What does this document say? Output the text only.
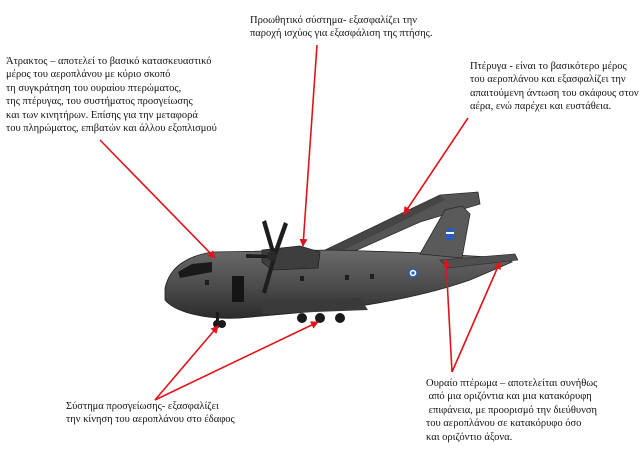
Άτρακτος – αποτελεί το βασικό κατασκευαστικό
μέρος του αεροπλάνου με κύριο σκοπό
τη συγκράτηση του ουραίου πτερώματος,
της πτέρυγας, του συστήματος προσγείωσης
και των κινητήρων. Επίσης για την μεταφορά
του πληρώματος, επιβατών και άλλου εξοπλισμού

Προωθητικό σύστημα- εξασφαλίζει την
παροχή ισχύος για εξασφάλιση της πτήσης.

Πτέρυγα - είναι το βασικότερο μέρος
του αεροπλάνου και εξασφαλίζει την
απαιτούμενη άντωση του σκάφους στον
αέρα, ενώ παρέχει και ευστάθεια.

Ουραίο πτέρωμα – αποτελείται συνήθως
από μια οριζόντια και μια κατακόρυφη
επιφάνεια, με προορισμό την διεύθυνση
του αεροπλάνου σε κατακόρυφο όσο
και οριζόντιο άξονα.

Σύστημα προσγείωσης- εξασφαλίζει
την κίνηση του αεροπλάνου στο έδαφος
